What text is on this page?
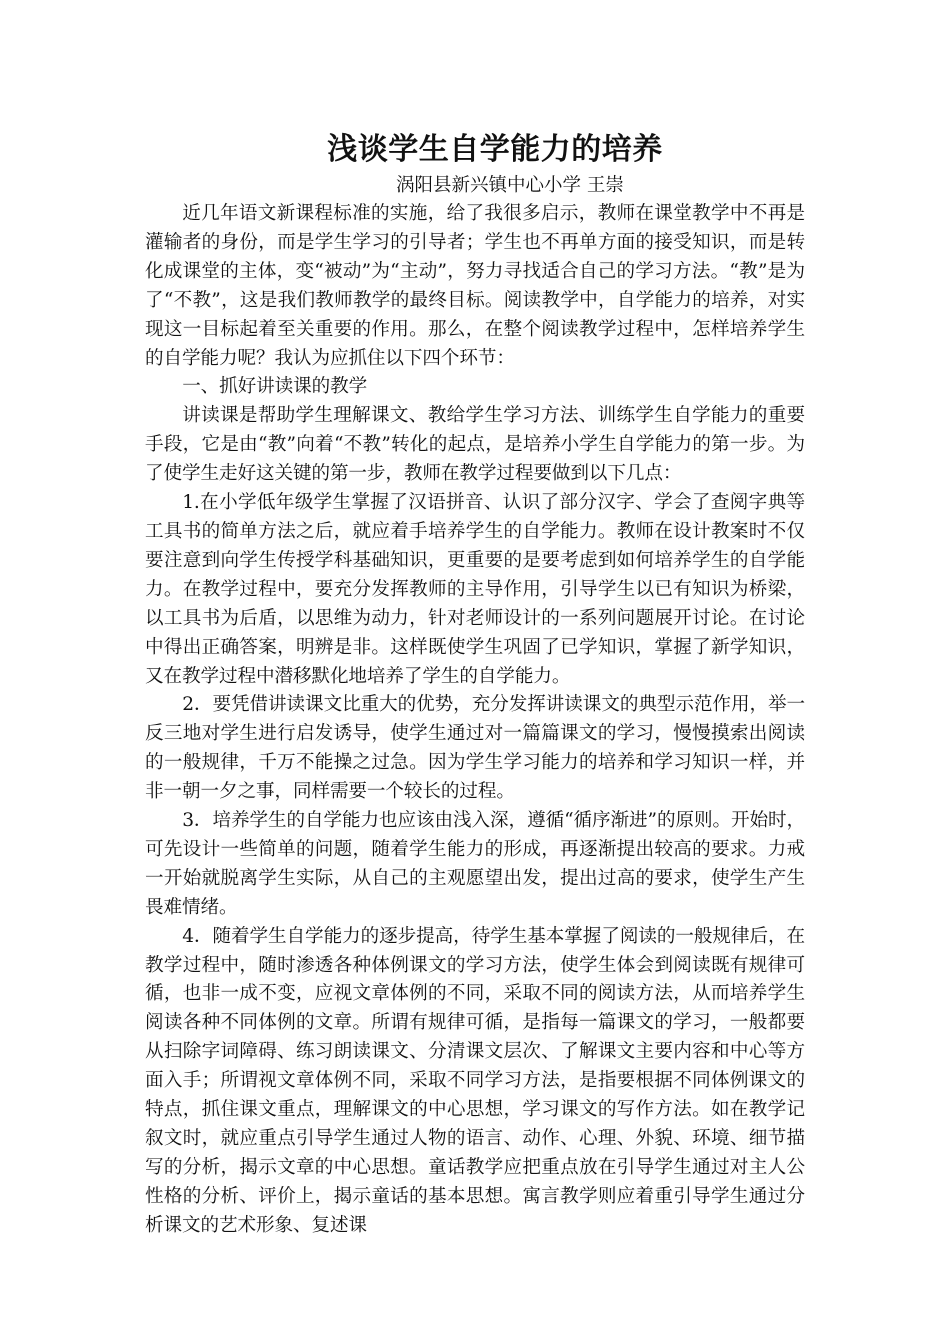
浅谈学生自学能力的培养
涡阳县新兴镇中心小学 王崇

近几年语文新课程标准的实施，给了我很多启示，教师在课堂教学中不再是灌输者的身份，而是学生学习的引导者；学生也不再单方面的接受知识，而是转化成课堂的主体，变“被动”为“主动”，努力寻找适合自己的学习方法。“教”是为了“不教”，这是我们教师教学的最终目标。阅读教学中，自学能力的培养，对实现这一目标起着至关重要的作用。那么，在整个阅读教学过程中，怎样培养学生的自学能力呢？我认为应抓住以下四个环节：

一、抓好讲读课的教学

讲读课是帮助学生理解课文、教给学生学习方法、训练学生自学能力的重要手段，它是由“教”向着“不教”转化的起点，是培养小学生自学能力的第一步。为了使学生走好这关键的第一步，教师在教学过程要做到以下几点：

1.在小学低年级学生掌握了汉语拼音、认识了部分汉字、学会了查阅字典等工具书的简单方法之后，就应着手培养学生的自学能力。教师在设计教案时不仅要注意到向学生传授学科基础知识，更重要的是要考虑到如何培养学生的自学能力。在教学过程中，要充分发挥教师的主导作用，引导学生以已有知识为桥梁，以工具书为后盾，以思维为动力，针对老师设计的一系列问题展开讨论。在讨论中得出正确答案，明辨是非。这样既使学生巩固了已学知识，掌握了新学知识，又在教学过程中潜移默化地培养了学生的自学能力。

2．要凭借讲读课文比重大的优势，充分发挥讲读课文的典型示范作用，举一反三地对学生进行启发诱导，使学生通过对一篇篇课文的学习，慢慢摸索出阅读的一般规律，千万不能操之过急。因为学生学习能力的培养和学习知识一样，并非一朝一夕之事，同样需要一个较长的过程。

3．培养学生的自学能力也应该由浅入深，遵循“循序渐进”的原则。开始时，可先设计一些简单的问题，随着学生能力的形成，再逐渐提出较高的要求。力戒一开始就脱离学生实际，从自己的主观愿望出发，提出过高的要求，使学生产生畏难情绪。

4．随着学生自学能力的逐步提高，待学生基本掌握了阅读的一般规律后，在教学过程中，随时渗透各种体例课文的学习方法，使学生体会到阅读既有规律可循，也非一成不变，应视文章体例的不同，采取不同的阅读方法，从而培养学生阅读各种不同体例的文章。所谓有规律可循，是指每一篇课文的学习，一般都要从扫除字词障碍、练习朗读课文、分清课文层次、了解课文主要内容和中心等方面入手；所谓视文章体例不同，采取不同学习方法，是指要根据不同体例课文的特点，抓住课文重点，理解课文的中心思想，学习课文的写作方法。如在教学记叙文时，就应重点引导学生通过人物的语言、动作、心理、外貌、环境、细节描写的分析，揭示文章的中心思想。童话教学应把重点放在引导学生通过对主人公性格的分析、评价上，揭示童话的基本思想。寓言教学则应着重引导学生通过分析课文的艺术形象、复述课
